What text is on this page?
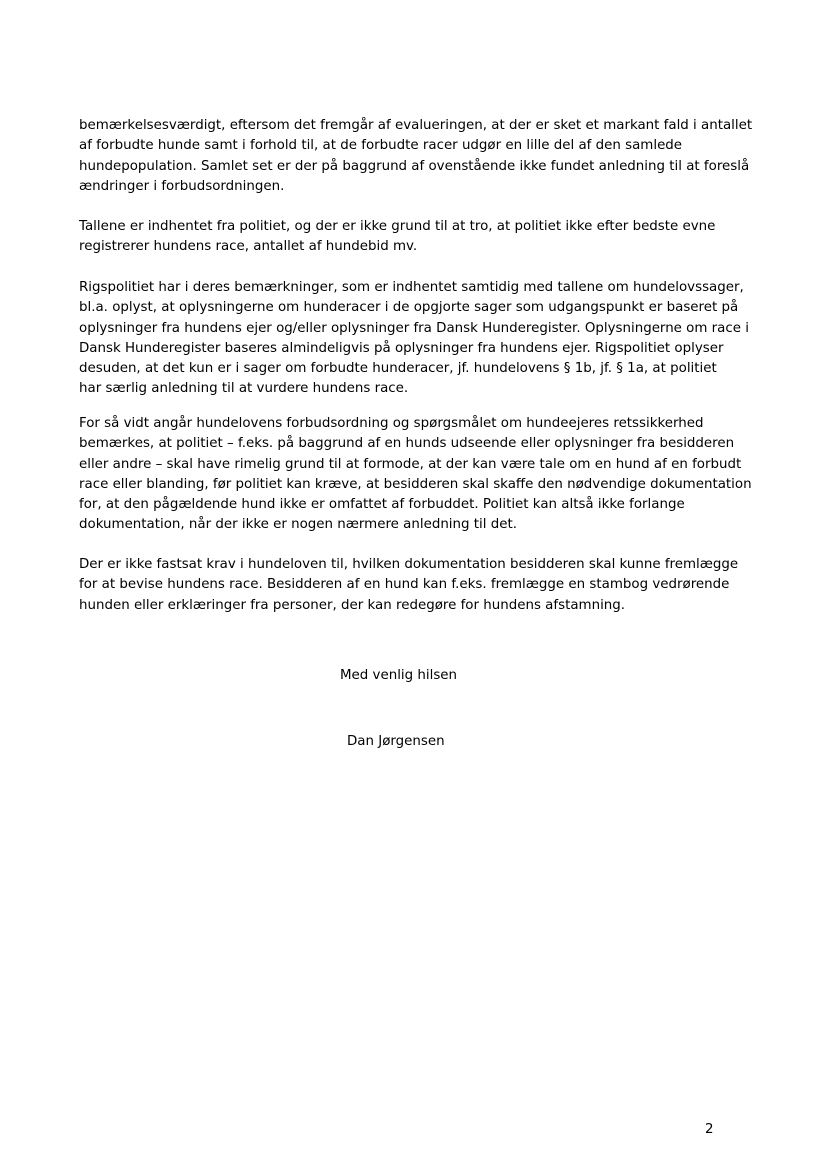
bemærkelsesværdigt, eftersom det fremgår af evalueringen, at der er sket et markant fald i antallet
af forbudte hunde samt i forhold til, at de forbudte racer udgør en lille del af den samlede
hundepopulation. Samlet set er der på baggrund af ovenstående ikke fundet anledning til at foreslå
ændringer i forbudsordningen.

Tallene er indhentet fra politiet, og der er ikke grund til at tro, at politiet ikke efter bedste evne
registrerer hundens race, antallet af hundebid mv.

Rigspolitiet har i deres bemærkninger, som er indhentet samtidig med tallene om hundelovssager,
bl.a. oplyst, at oplysningerne om hunderacer i de opgjorte sager som udgangspunkt er baseret på
oplysninger fra hundens ejer og/eller oplysninger fra Dansk Hunderegister. Oplysningerne om race i
Dansk Hunderegister baseres almindeligvis på oplysninger fra hundens ejer. Rigspolitiet oplyser
desuden, at det kun er i sager om forbudte hunderacer, jf. hundelovens § 1b, jf. § 1a, at politiet
har særlig anledning til at vurdere hundens race.

For så vidt angår hundelovens forbudsordning og spørgsmålet om hundeejeres retssikkerhed
bemærkes, at politiet – f.eks. på baggrund af en hunds udseende eller oplysninger fra besidderen
eller andre – skal have rimelig grund til at formode, at der kan være tale om en hund af en forbudt
race eller blanding, før politiet kan kræve, at besidderen skal skaffe den nødvendige dokumentation
for, at den pågældende hund ikke er omfattet af forbuddet. Politiet kan altså ikke forlange
dokumentation, når der ikke er nogen nærmere anledning til det.

Der er ikke fastsat krav i hundeloven til, hvilken dokumentation besidderen skal kunne fremlægge
for at bevise hundens race. Besidderen af en hund kan f.eks. fremlægge en stambog vedrørende
hunden eller erklæringer fra personer, der kan redegøre for hundens afstamning.

Med venlig hilsen

Dan Jørgensen

2
